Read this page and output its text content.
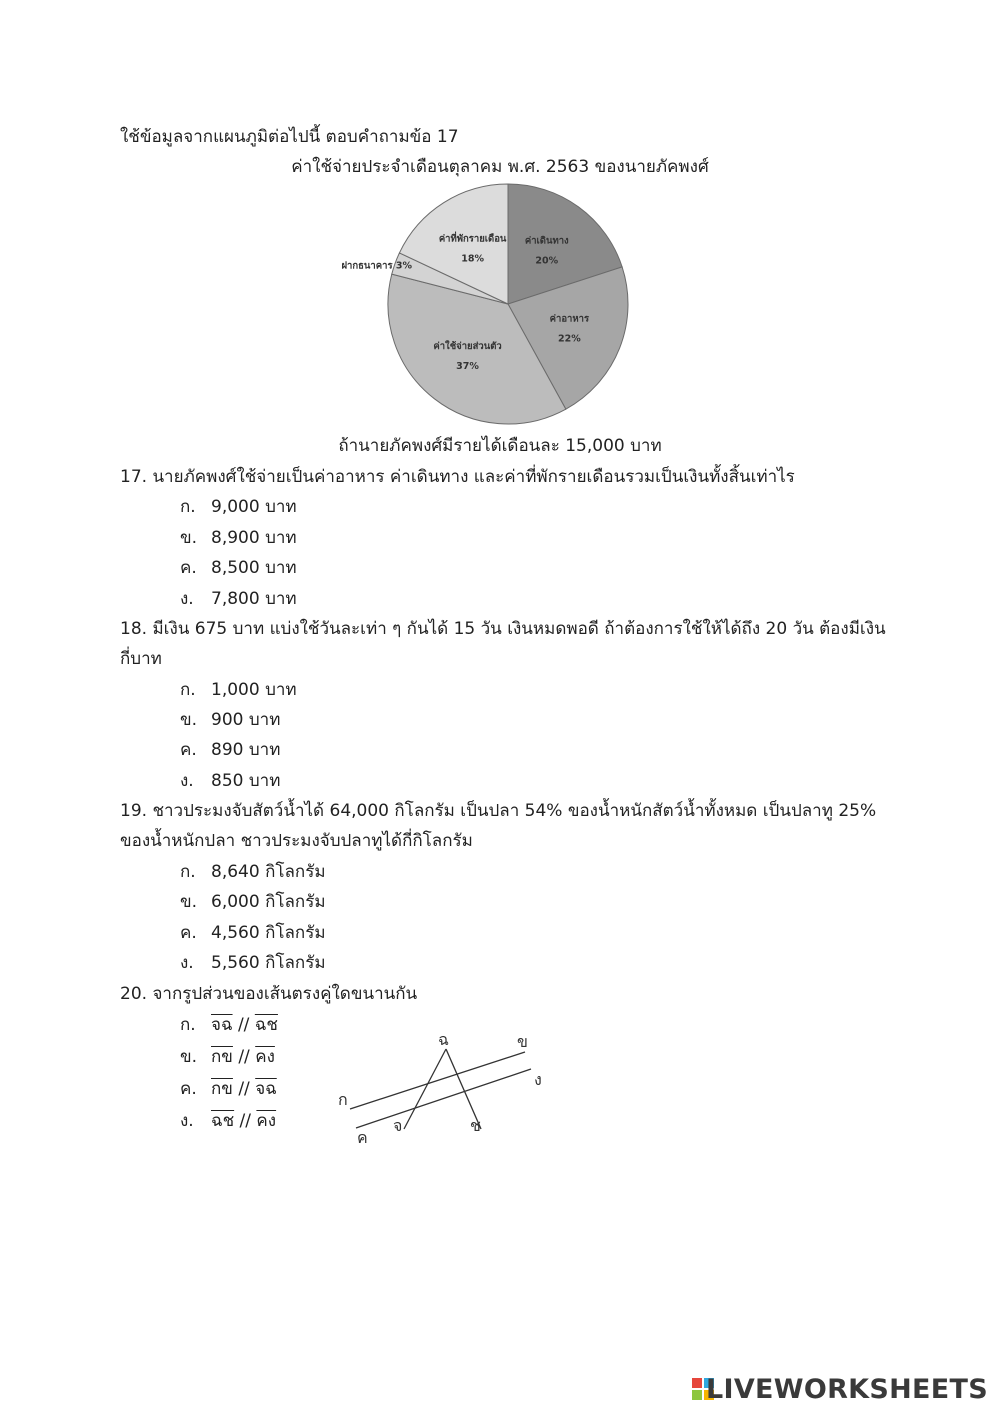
ใช้ข้อมูลจากแผนภูมิต่อไปนี้ ตอบคำถามข้อ 17
ค่าใช้จ่ายประจำเดือนตุลาคม พ.ศ. 2563 ของนายภัคพงศ์
ค่าเดินทาง
20%
ค่าอาหาร
22%
ค่าใช้จ่ายส่วนตัว
37%
ฝากธนาคาร 3%
ค่าที่พักรายเดือน
18%
ถ้านายภัคพงศ์มีรายได้เดือนละ 15,000 บาท
17. นายภัคพงศ์ใช้จ่ายเป็นค่าอาหาร ค่าเดินทาง และค่าที่พักรายเดือนรวมเป็นเงินทั้งสิ้นเท่าไร
ก. 9,000 บาท
ข. 8,900 บาท
ค. 8,500 บาท
ง. 7,800 บาท
18. มีเงิน 675 บาท แบ่งใช้วันละเท่า ๆ กันได้ 15 วัน เงินหมดพอดี ถ้าต้องการใช้ให้ได้ถึง 20 วัน ต้องมีเงิน
กี่บาท
ก. 1,000 บาท
ข. 900 บาท
ค. 890 บาท
ง. 850 บาท
19. ชาวประมงจับสัตว์น้ำได้ 64,000 กิโลกรัม เป็นปลา 54% ของน้ำหนักสัตว์น้ำทั้งหมด เป็นปลาทู 25%
ของน้ำหนักปลา ชาวประมงจับปลาทูได้กี่กิโลกรัม
ก. 8,640 กิโลกรัม
ข. 6,000 กิโลกรัม
ค. 4,560 กิโลกรัม
ง. 5,560 กิโลกรัม
20. จากรูปส่วนของเส้นตรงคู่ใดขนานกัน
ก. จฉ // ฉช
ข. กข // คง
ค. กข // จฉ
ง. ฉช // คง
ก
ข
ค
ง
จ
ฉ
ช
LIVEWORKSHEETS
